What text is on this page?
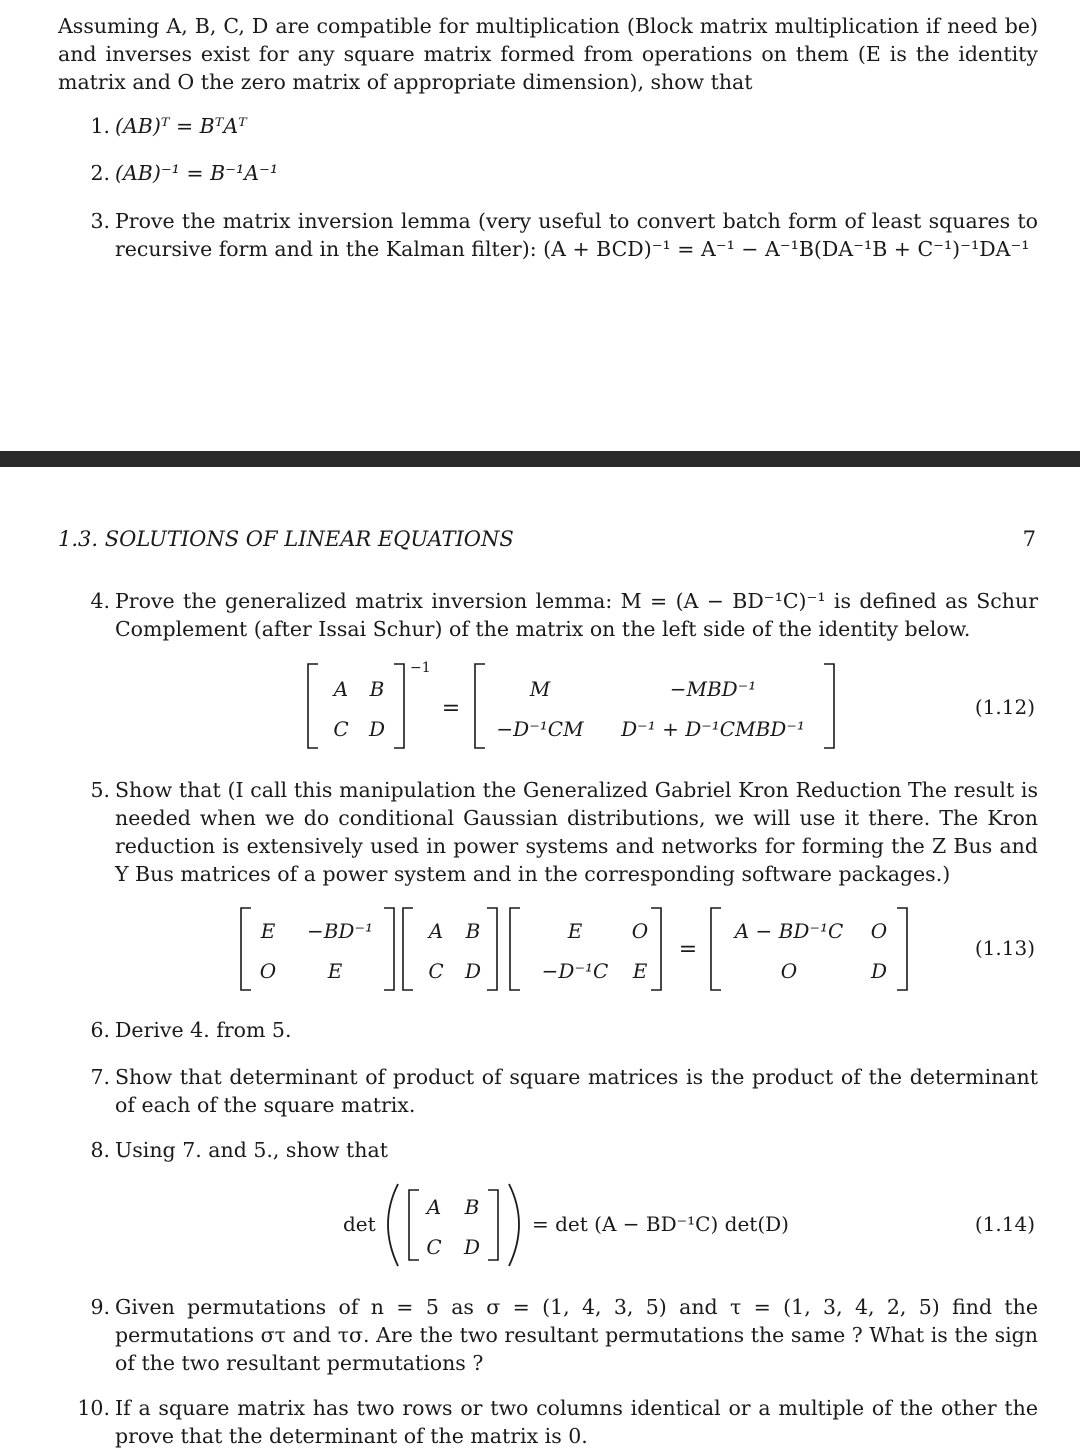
Assuming A, B, C, D are compatible for multiplication (Block matrix multiplication if need be) and inverses exist for any square matrix formed from operations on them (E is the identity matrix and O the zero matrix of appropriate dimension), show that
1. (AB)ᵀ = BᵀAᵀ
2. (AB)⁻¹ = B⁻¹A⁻¹
3. Prove the matrix inversion lemma (very useful to convert batch form of least squares to recursive form and in the Kalman filter): (A + BCD)⁻¹ = A⁻¹ − A⁻¹B(DA⁻¹B + C⁻¹)⁻¹DA⁻¹
1.3. SOLUTIONS OF LINEAR EQUATIONS	7
4. Prove the generalized matrix inversion lemma: M = (A − BD⁻¹C)⁻¹ is defined as Schur Complement (after Issai Schur) of the matrix on the left side of the identity below.
A B
C D
−1
=
M	−MBD⁻¹
−D⁻¹CM D⁻¹ + D⁻¹CMBD⁻¹
(1.12)
5. Show that (I call this manipulation the Generalized Gabriel Kron Reduction The result is needed when we do conditional Gaussian distributions, we will use it there. The Kron reduction is extensively used in power systems and networks for forming the Z Bus and Y Bus matrices of a power system and in the corresponding software packages.)
E −BD⁻¹
O	E
A B
C D
E O
−D⁻¹C E
=
A − BD⁻¹C O
O	D
(1.13)
6. Derive 4. from 5.
7. Show that determinant of product of square matrices is the product of the determinant of each of the square matrix.
8. Using 7. and 5., show that
det
A B
C D
= det (A − BD⁻¹C) det(D)	(1.14)
9. Given permutations of n = 5 as σ = (1, 4, 3, 5) and τ = (1, 3, 4, 2, 5) find the permutations στ and τσ. Are the two resultant permutations the same ? What is the sign of the two resultant permutations ?
10. If a square matrix has two rows or two columns identical or a multiple of the other the prove that the determinant of the matrix is 0.
